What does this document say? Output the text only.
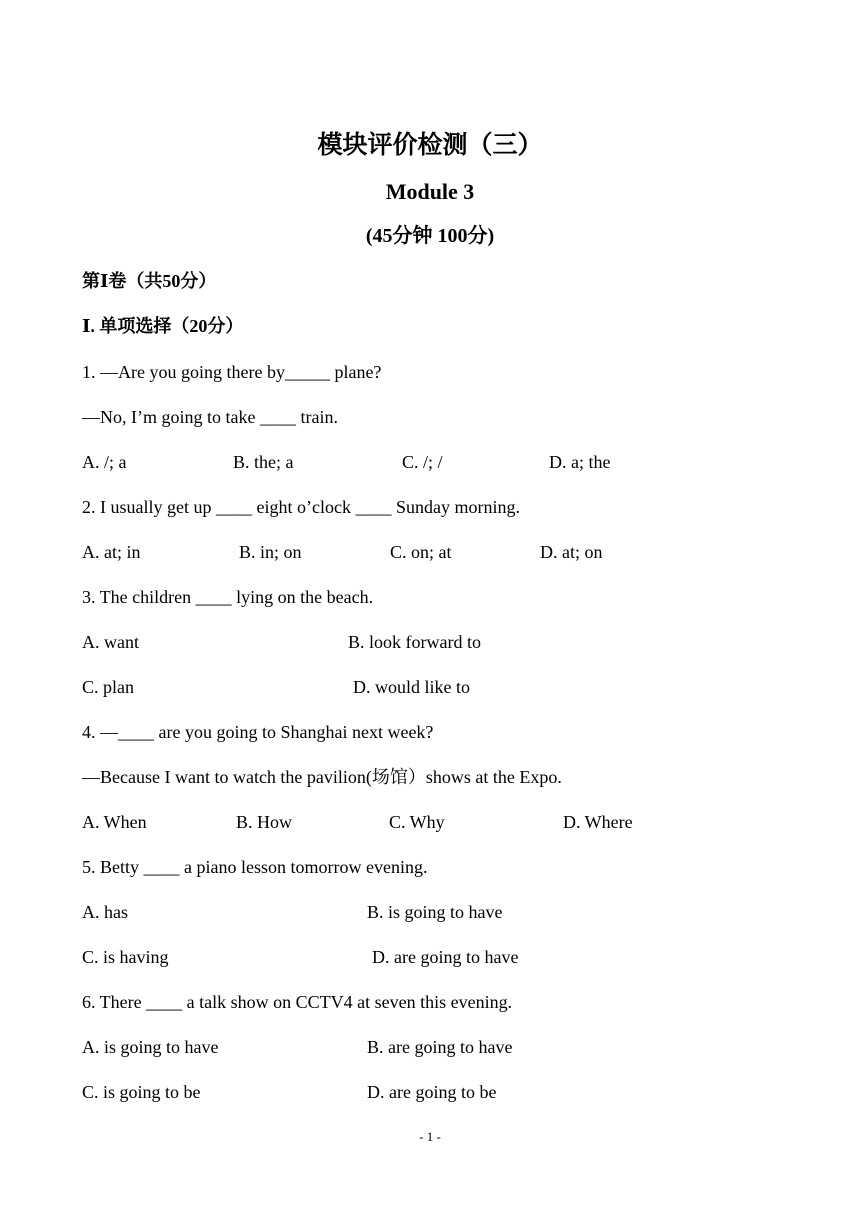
模块评价检测（三）
Module 3
(45分钟 100分)
第Ⅰ卷（共50分）
Ⅰ. 单项选择（20分）
1. —Are you going there by_____ plane?
—No, I’m going to take ____ train.
A. /; a	B. the; a	C. /; /	D. a; the
2. I usually get up ____ eight o’clock ____ Sunday morning.
A. at; in	B. in; on	C. on; at	D. at; on
3. The children ____ lying on the beach.
A. want	B. look forward to
C. plan	D. would like to
4. —____ are you going to Shanghai next week?
—Because I want to watch the pavilion(场馆）shows at the Expo.
A. When	B. How	C. Why	D. Where
5. Betty ____ a piano lesson tomorrow evening.
A. has	B. is going to have
C. is having	D. are going to have
6. There ____ a talk show on CCTV4 at seven this evening.
A. is going to have	B. are going to have
C. is going to be	D. are going to be
- 1 -
